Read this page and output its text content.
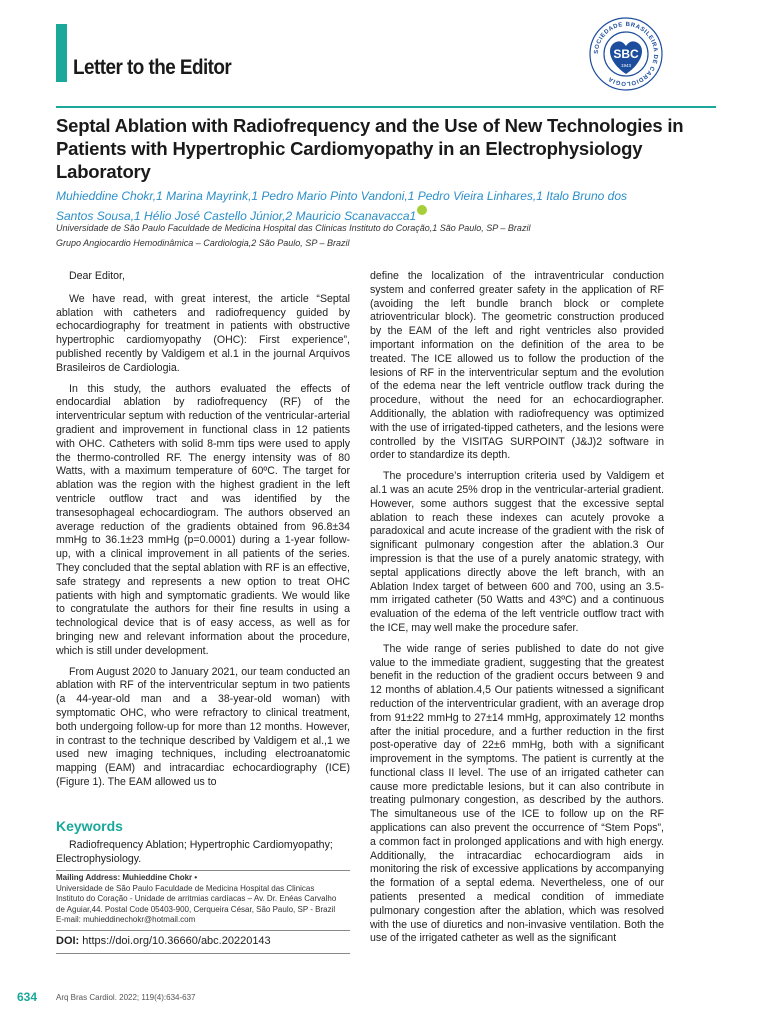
Letter to the Editor
SOCIEDADE BRASILEIRA DE CARDIOLOGIA
SBC
1943
Septal Ablation with Radiofrequency and the Use of New Technologies in Patients with Hypertrophic Cardiomyopathy in an Electrophysiology Laboratory
Muhieddine Chokr,1 Marina Mayrink,1 Pedro Mario Pinto Vandoni,1 Pedro Vieira Linhares,1 Italo Bruno dos
Santos Sousa,1 Hélio José Castello Júnior,2 Mauricio Scanavacca1
Universidade de São Paulo Faculdade de Medicina Hospital das Clinicas Instituto do Coração,1 São Paulo, SP – Brazil
Grupo Angiocardio Hemodinâmica – Cardiologia,2 São Paulo, SP – Brazil

Dear Editor,

We have read, with great interest, the article “Septal ablation with catheters and radiofrequency guided by echocardiography for treatment in patients with obstructive hypertrophic cardiomyopathy (OHC): First experience”, published recently by Valdigem et al.1 in the journal Arquivos Brasileiros de Cardiologia.

In this study, the authors evaluated the effects of endocardial ablation by radiofrequency (RF) of the interventricular septum with reduction of the ventricular-arterial gradient and improvement in functional class in 12 patients with OHC. Catheters with solid 8-mm tips were used to apply the thermo-controlled RF. The energy intensity was of 80 Watts, with a maximum temperature of 60ºC. The target for ablation was the region with the highest gradient in the left ventricle outflow tract and was identified by the transesophageal echocardiogram. The authors observed an average reduction of the gradients obtained from 96.8±34 mmHg to 36.1±23 mmHg (p=0.0001) during a 1-year follow-up, with a clinical improvement in all patients of the series. They concluded that the septal ablation with RF is an effective, safe strategy and represents a new option to treat OHC patients with high and symptomatic gradients. We would like to congratulate the authors for their fine results in using a technological device that is of easy access, as well as for bringing new and relevant information about the procedure, which is still under development.

From August 2020 to January 2021, our team conducted an ablation with RF of the interventricular septum in two patients (a 44-year-old man and a 38-year-old woman) with symptomatic OHC, who were refractory to clinical treatment, both undergoing follow-up for more than 12 months. However, in contrast to the technique described by Valdigem et al.,1 we used new imaging techniques, including electroanatomic mapping (EAM) and intracardiac echocardiography (ICE) (Figure 1). The EAM allowed us to

define the localization of the intraventricular conduction system and conferred greater safety in the application of RF (avoiding the left bundle branch block or complete atrioventricular block). The geometric construction produced by the EAM of the left and right ventricles also provided important information on the definition of the area to be treated. The ICE allowed us to follow the production of the lesions of RF in the interventricular septum and the evolution of the edema near the left ventricle outflow track during the procedure, without the need for an echocardiographer. Additionally, the ablation with radiofrequency was optimized with the use of irrigated-tipped catheters, and the lesions were controlled by the VISITAG SURPOINT (J&J)2 software in order to standardize its depth.

The procedure’s interruption criteria used by Valdigem et al.1 was an acute 25% drop in the ventricular-arterial gradient. However, some authors suggest that the excessive septal ablation to reach these indexes can acutely provoke a paradoxical and acute increase of the gradient with the risk of significant pulmonary congestion after the ablation.3 Our impression is that the use of a purely anatomic strategy, with septal applications directly above the left branch, with an Ablation Index target of between 600 and 700, using an 3.5-mm irrigated catheter (50 Watts and 43ºC) and a continuous evaluation of the edema of the left ventricle outflow tract with the ICE, may well make the procedure safer.

The wide range of series published to date do not give value to the immediate gradient, suggesting that the greatest benefit in the reduction of the gradient occurs between 9 and 12 months of ablation.4,5 Our patients witnessed a significant reduction of the interventricular gradient, with an average drop from 91±22 mmHg to 27±14 mmHg, approximately 12 months after the initial procedure, and a further reduction in the first post-operative day of 22±6 mmHg, both with a significant improvement in the symptoms. The patient is currently at the functional class II level. The use of an irrigated catheter can cause more predictable lesions, but it can also contribute in treating pulmonary congestion, as described by the authors. The simultaneous use of the ICE to follow up on the RF applications can also prevent the occurrence of “Stem Pops”, a common fact in prolonged applications and with high energy. Additionally, the intracardiac echocardiogram aids in monitoring the risk of excessive applications by accompanying the formation of a septal edema. Nevertheless, one of our patients presented a medical condition of immediate pulmonary congestion after the ablation, which was resolved with the use of diuretics and non-invasive ventilation. Both the use of the irrigated catheter as well as the significant

Keywords
Radiofrequency Ablation; Hypertrophic Cardiomyopathy; Electrophysiology.
Mailing Address: Muhieddine Chokr •
Universidade de São Paulo Faculdade de Medicina Hospital das Clinicas
Instituto do Coração - Unidade de arritmias cardíacas – Av. Dr. Enéas Carvalho
de Aguiar,44. Postal Code 05403-900, Cerqueira César, São Paulo, SP - Brazil
E-mail: muhieddinechokr@hotmail.com
DOI: https://doi.org/10.36660/abc.20220143
634 Arq Bras Cardiol. 2022; 119(4):634-637
